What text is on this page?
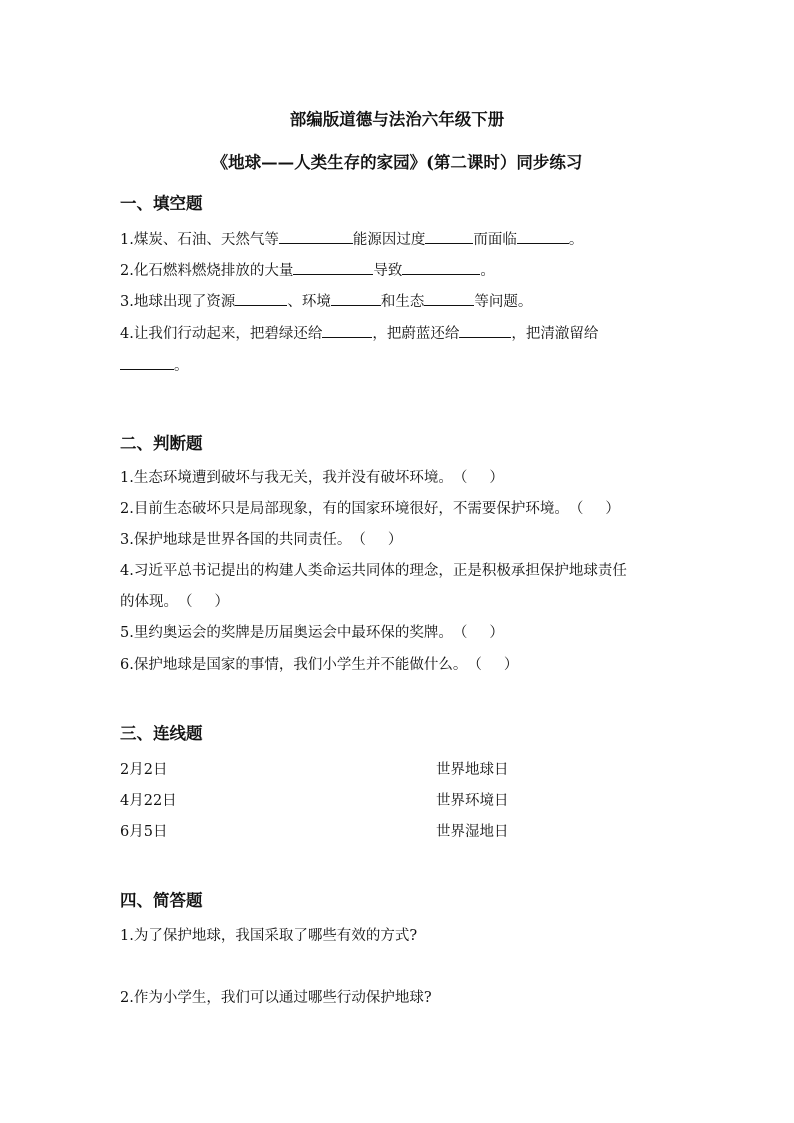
部编版道德与法治六年级下册
《地球——人类生存的家园》(第二课时）同步练习
一、填空题
1.煤炭、石油、天然气等	能源因过度	而面临	。
2.化石燃料燃烧排放的大量	导致	。
3.地球出现了资源	、环境	和生态	等问题。
4.让我们行动起来，把碧绿还给	，把蔚蓝还给	，把清澈留给
。
二、判断题
1.生态环境遭到破坏与我无关，我并没有破坏环境。（ ）
2.目前生态破坏只是局部现象，有的国家环境很好，不需要保护环境。（ ）
3.保护地球是世界各国的共同责任。（ ）
4.习近平总书记提出的构建人类命运共同体的理念，正是积极承担保护地球责任
的体现。（ ）
5.里约奥运会的奖牌是历届奥运会中最环保的奖牌。（ ）
6.保护地球是国家的事情，我们小学生并不能做什么。（ ）
三、连线题
2月2日	世界地球日
4月22日	世界环境日
6月5日	世界湿地日
四、简答题
1.为了保护地球，我国采取了哪些有效的方式?
2.作为小学生，我们可以通过哪些行动保护地球?
